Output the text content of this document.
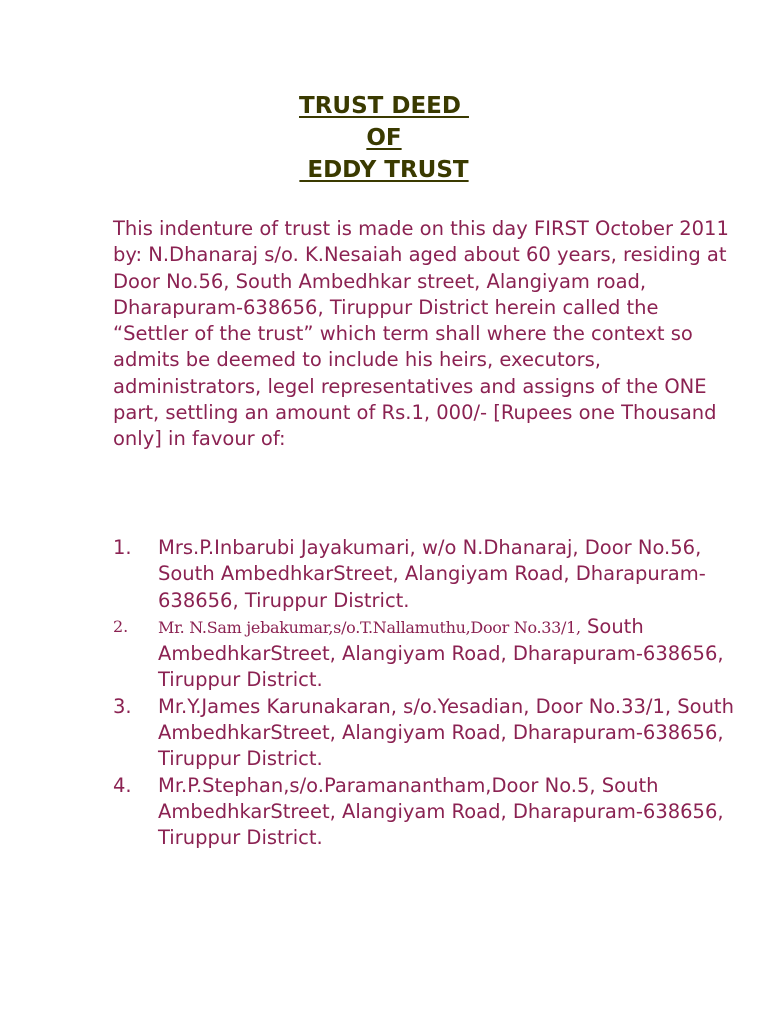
TRUST DEED
OF
EDDY TRUST

This indenture of trust is made on this day FIRST October 2011 by: N.Dhanaraj s/o. K.Nesaiah aged about 60 years, residing at Door No.56, South Ambedhkar street, Alangiyam road, Dharapuram-638656, Tiruppur District herein called the “Settler of the trust” which term shall where the context so admits be deemed to include his heirs, executors, administrators, legel representatives and assigns of the ONE part, settling an amount of Rs.1, 000/- [Rupees one Thousand only] in favour of:

1. Mrs.P.Inbarubi Jayakumari, w/o N.Dhanaraj, Door No.56, South AmbedhkarStreet, Alangiyam Road, Dharapuram-638656, Tiruppur District.
2. Mr. N.Sam jebakumar,s/o.T.Nallamuthu,Door No.33/1, South AmbedhkarStreet, Alangiyam Road, Dharapuram-638656, Tiruppur District.
3. Mr.Y.James Karunakaran, s/o.Yesadian, Door No.33/1, South AmbedhkarStreet, Alangiyam Road, Dharapuram-638656, Tiruppur District.
4. Mr.P.Stephan,s/o.Paramanantham,Door No.5, South AmbedhkarStreet, Alangiyam Road, Dharapuram-638656, Tiruppur District.
